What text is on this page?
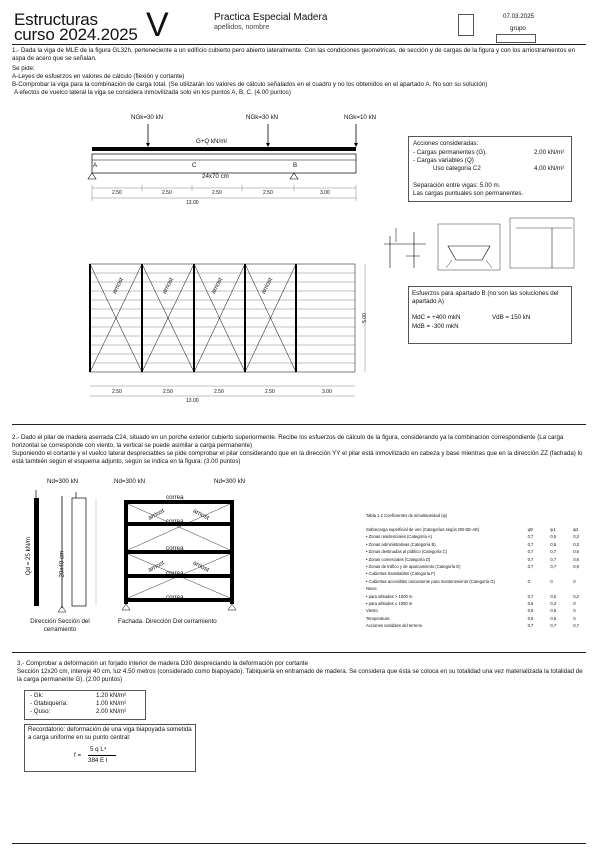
Estructuras
curso 2024.2025 V	Practica Especial Madera
apellidos, nombre
07.03.2025
grupo
1.- Dada la viga de MLE de la figura GL32h, perteneciente a un edificio cubierto pero abierto lateralmente. Con las condiciones geométricas, de sección y de cargas de la figura y con los arriostramientos en aspa de acero que se señalan.
Se pide:
A-Leyes de esfuerzos en valores de cálculo (flexión y cortante)
B-Comprobar la viga para la combinación de carga total. (Se utilizarán los valores de cálculo señalados en el cuadro y no los obtenidos en el apartado A. No son su solución)
A efectos de vuelco lateral la viga se considera inmovilizada solo en los puntos A, B, C. (4.00 puntos)
NGk=30 kN	NGk=30 kN	NGk=10 kN
G+Q kN/ml
A	C	B
24x70 cm
2.50	2.50	2.50	2.50	3.00
13.00
Acciones consideradas:
- Cargas permanentes (G).	2.00 kN/m²
- Cargas variables (Q)
Uso categoria C2	4.00 kN/m²
Separación entre vigas: 5.00 m.
Las cargas puntuales son permanentes.
arriost	arriost	arriost	arriost
2.50	2.50	2.50	2.50	3.00
13.00
5.00
Esfuerzos para apartado B (no son las soluciones del apartado A)
MdC = +400 mkN	VdB = 150 kN
MdB = -300 mkN
2.- Dado el pilar de madera aserrada C24, situado en un porche exterior cubierto superiormente. Recibe los esfuerzos de cálculo de la figura, considerando ya la combinación correspondiente (La carga horizontal se corresponde con viento, la vertical se puede asimilar a carga permanente)
Suponiendo el cortante y el vuelco lateral despreciables se pide comprobar el pilar considerando que en la dirección YY el pilar está inmovilizado en cabeza y base mientras que en la dirección ZZ (fachada) lo está también según el esquema adjunto, según se indica en la figura: (3.00 puntos)
Nd=300 kN	Nd=300 kN	Nd=300 kN
Qd = 25 kN/m	20x40 cm
correa
correa
correa
correa
correa
arriost	arriost
arriost	arriost
Dirección Sección del cerramiento
Fachada. Dirección Del cerramiento
Tabla 1.2 Coeficientes de simultaneidad (ψ)
Sobrecarga superficial de uso (Categorías según DB-SE-AE)	ψ0	ψ1	ψ2
• Zonas residenciales (Categoría A)	0,7	0,5	0,3
• Zonas administrativas (Categoría B)	0,7	0,5	0,3
• Zonas destinadas al público (Categoría C)	0,7	0,7	0,6
• Zonas comerciales (Categoría D)	0,7	0,7	0,6
• Zonas de tráfico y de aparcamiento (Categoría E)	0,7	0,7	0,6
• Cubiertas transitables (Categoría F)
• Cubiertas accesibles únicamente para mantenimiento (Categoría G)	0	0	0
Nieve
• para altitudes > 1000 m	0,7	0,5	0,2
• para altitudes ≤ 1000 m	0,5	0,2	0
Viento	0,6	0,5	0
Temperatura	0,6	0,5	0
Acciones variables del terreno	0,7	0,7	0,7
3.- Comprobar a deformación un forjado interior de madera D30 despreciando la deformación por cortante
Sección 12x20 cm, intereje 40 cm, luz 4.50 metros (considerado como biapoyado). Tabiquería en entramado de madera. Se considera que ésta se coloca en su totalidad una vez materializada la totalidad de la carga permanente G). (2.00 puntos)
- Gk:	1.20 kN/m²
- Gtabiquería:	1.00 kN/m²
- Quso:	2.00 kN/m²
Recordatorio: deformación de una viga biapoyada sometida a carga uniforme en su punto central:
f =
5 q L⁴
384 E I
